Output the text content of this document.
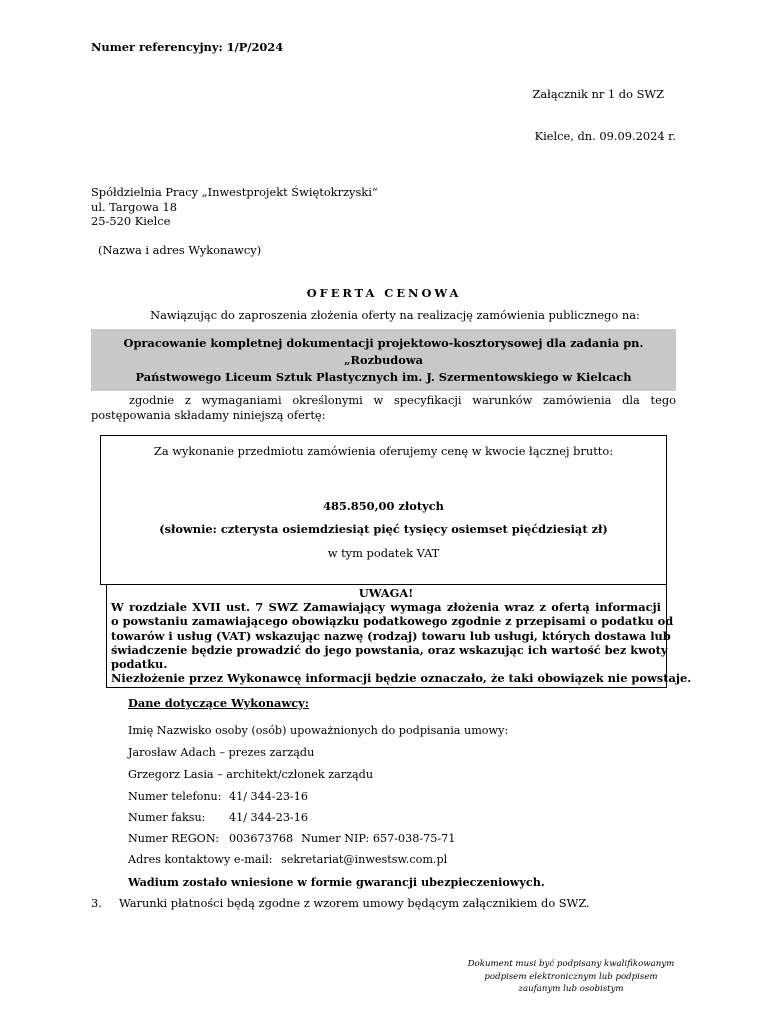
Numer referencyjny: 1/P/2024
Załącznik nr 1 do SWZ
Kielce, dn. 09.09.2024 r.
Spółdzielnia Pracy „Inwestprojekt Świętokrzyski“
ul. Targowa 18
25-520 Kielce
(Nazwa i adres Wykonawcy)
OFERTA CENOWA
Nawiązując do zaproszenia złożenia oferty na realizację zamówienia publicznego na:
Opracowanie kompletnej dokumentacji projektowo-kosztorysowej dla zadania pn. „Rozbudowa
Państwowego Liceum Sztuk Plastycznych im. J. Szermentowskiego w Kielcach
zgodnie z wymaganiami określonymi w specyfikacji warunków zamówienia dla tego postępowania składamy niniejszą ofertę:
Za wykonanie przedmiotu zamówienia oferujemy cenę w kwocie łącznej brutto:
485.850,00 złotych
(słownie: czterysta osiemdziesiąt pięć tysięcy osiemset pięćdziesiąt zł)
w tym podatek VAT
UWAGA!
W rozdziale XVII ust. 7 SWZ Zamawiający wymaga złożenia wraz z ofertą informacji
o powstaniu zamawiającego obowiązku podatkowego zgodnie z przepisami o podatku od
towarów i usług (VAT) wskazując nazwę (rodzaj) towaru lub usługi, których dostawa lub
świadczenie będzie prowadzić do jego powstania, oraz wskazując ich wartość bez kwoty
podatku.
Niezłożenie przez Wykonawcę informacji będzie oznaczało, że taki obowiązek nie powstaje.
Dane dotyczące Wykonawcy:
Imię Nazwisko osoby (osób) upoważnionych do podpisania umowy:
Jarosław Adach – prezes zarządu
Grzegorz Lasia – architekt/członek zarządu
Numer telefonu: 41/ 344-23-16
Numer faksu: 41/ 344-23-16
Numer REGON: 003673768 Numer NIP: 657-038-75-71
Adres kontaktowy e-mail: sekretariat@inwestsw.com.pl
Wadium zostało wniesione w formie gwarancji ubezpieczeniowych.
3. Warunki płatności będą zgodne z wzorem umowy będącym załącznikiem do SWZ.
Dokument musi być podpisany kwalifikowanym
podpisem elektronicznym lub podpisem
zaufanym lub osobistym
